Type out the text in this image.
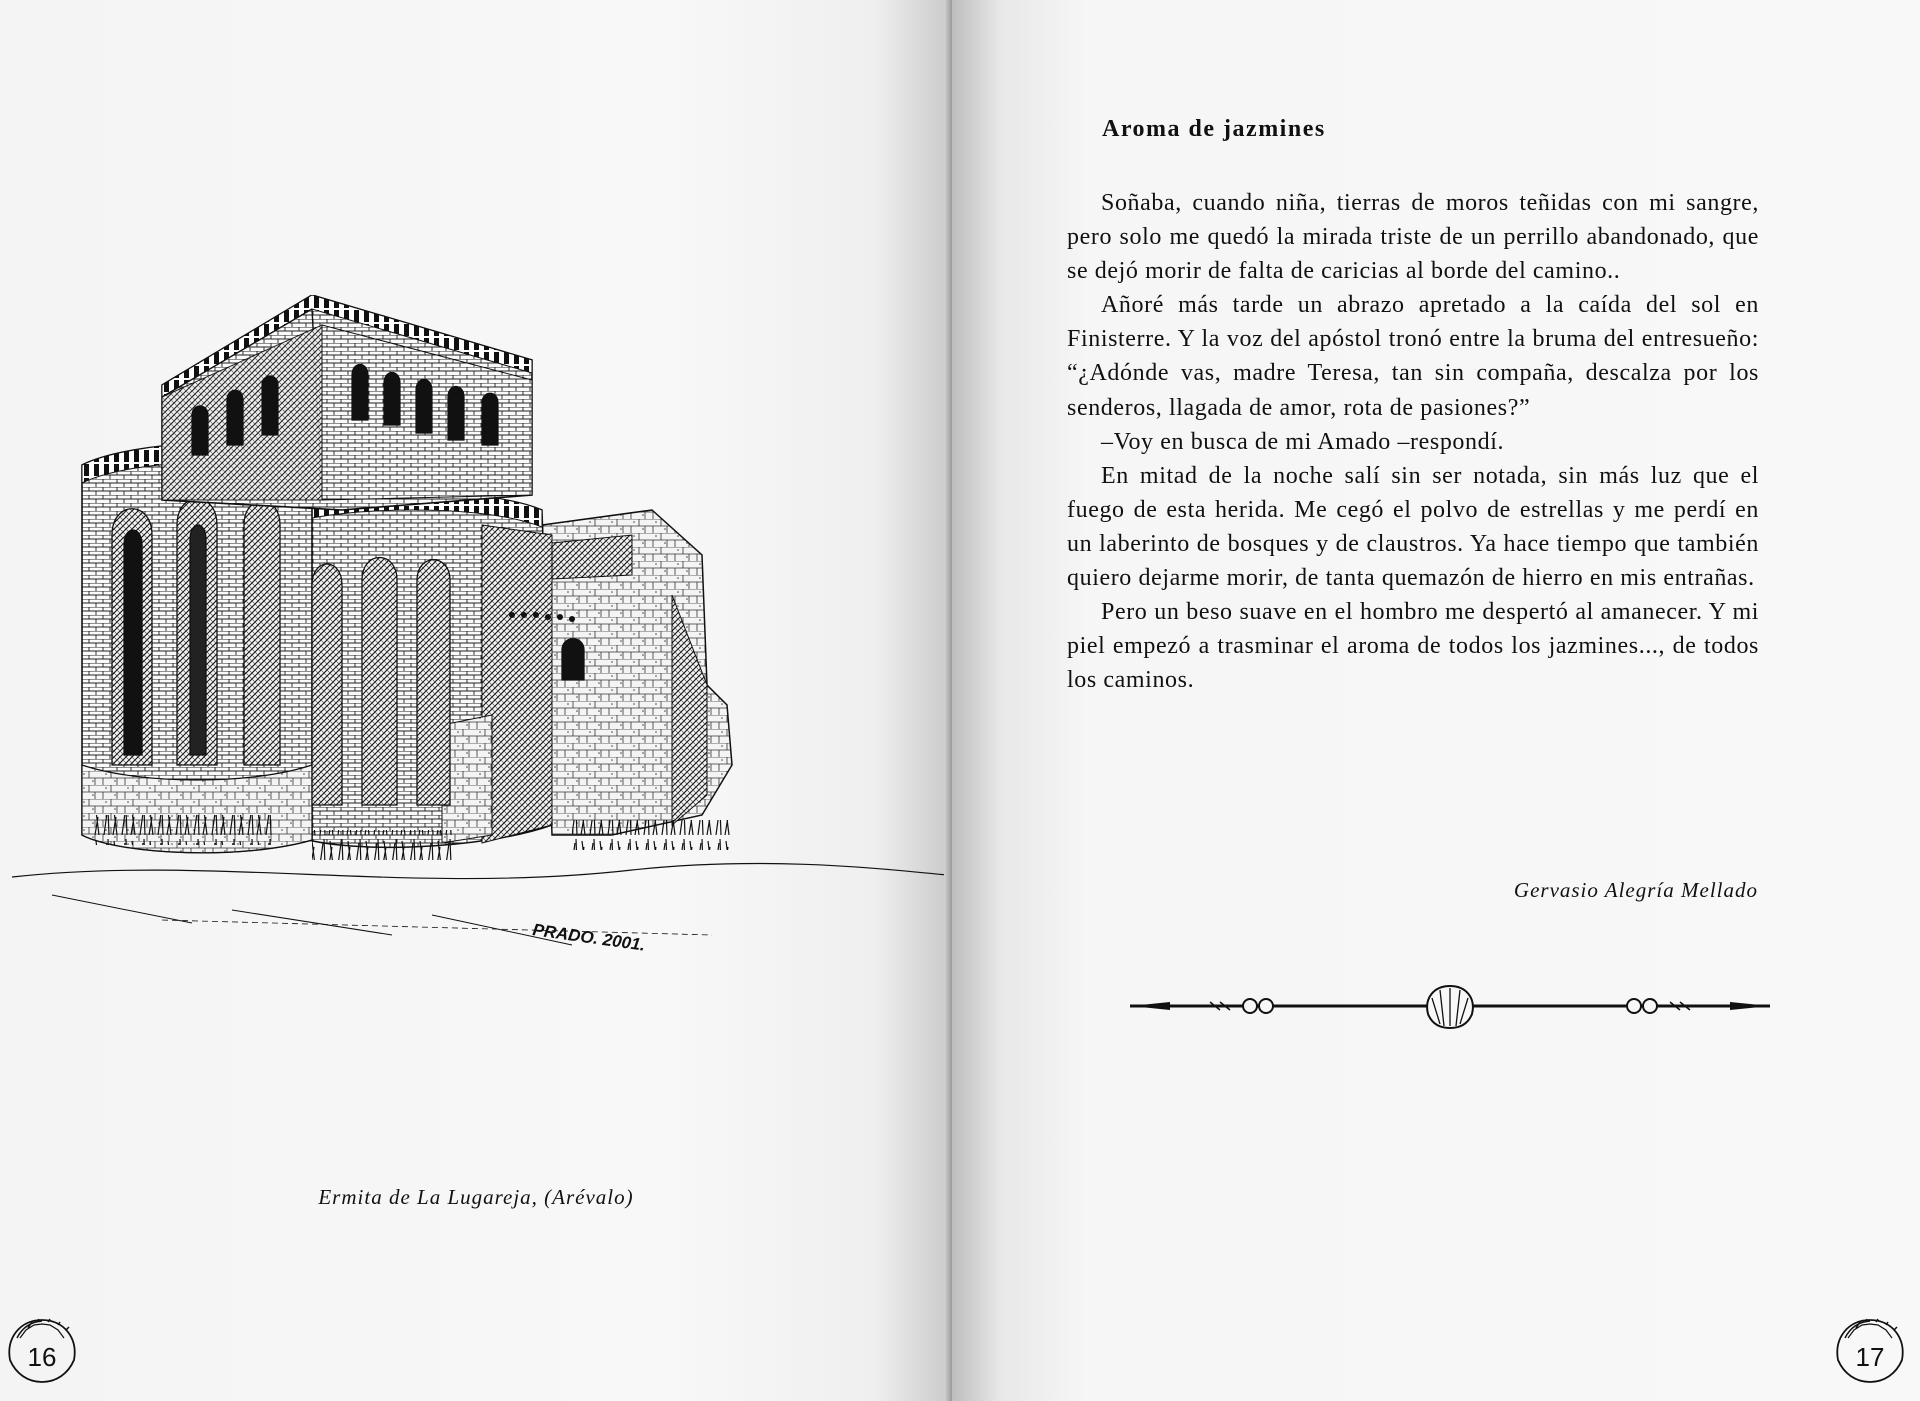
PRADO. 2001.
Ermita de La Lugareja, (Arévalo)
16
Aroma de jazmines

Soñaba, cuando niña, tierras de moros teñidas con mi sangre, pero solo me quedó la mirada triste de un perrillo abandonado, que se dejó morir de falta de caricias al borde del camino..

Añoré más tarde un abrazo apretado a la caída del sol en Finisterre. Y la voz del apóstol tronó entre la bruma del entresueño: “¿Adónde vas, madre Teresa, tan sin compaña, descalza por los senderos, llagada de amor, rota de pasiones?”

–Voy en busca de mi Amado –respondí.

En mitad de la noche salí sin ser notada, sin más luz que el fuego de esta herida. Me cegó el polvo de estrellas y me perdí en un laberinto de bosques y de claustros. Ya hace tiempo que también quiero dejarme morir, de tanta quemazón de hierro en mis entrañas.

Pero un beso suave en el hombro me despertó al amanecer. Y mi piel empezó a trasminar el aroma de todos los jazmines..., de todos los caminos.

Gervasio Alegría Mellado
17
